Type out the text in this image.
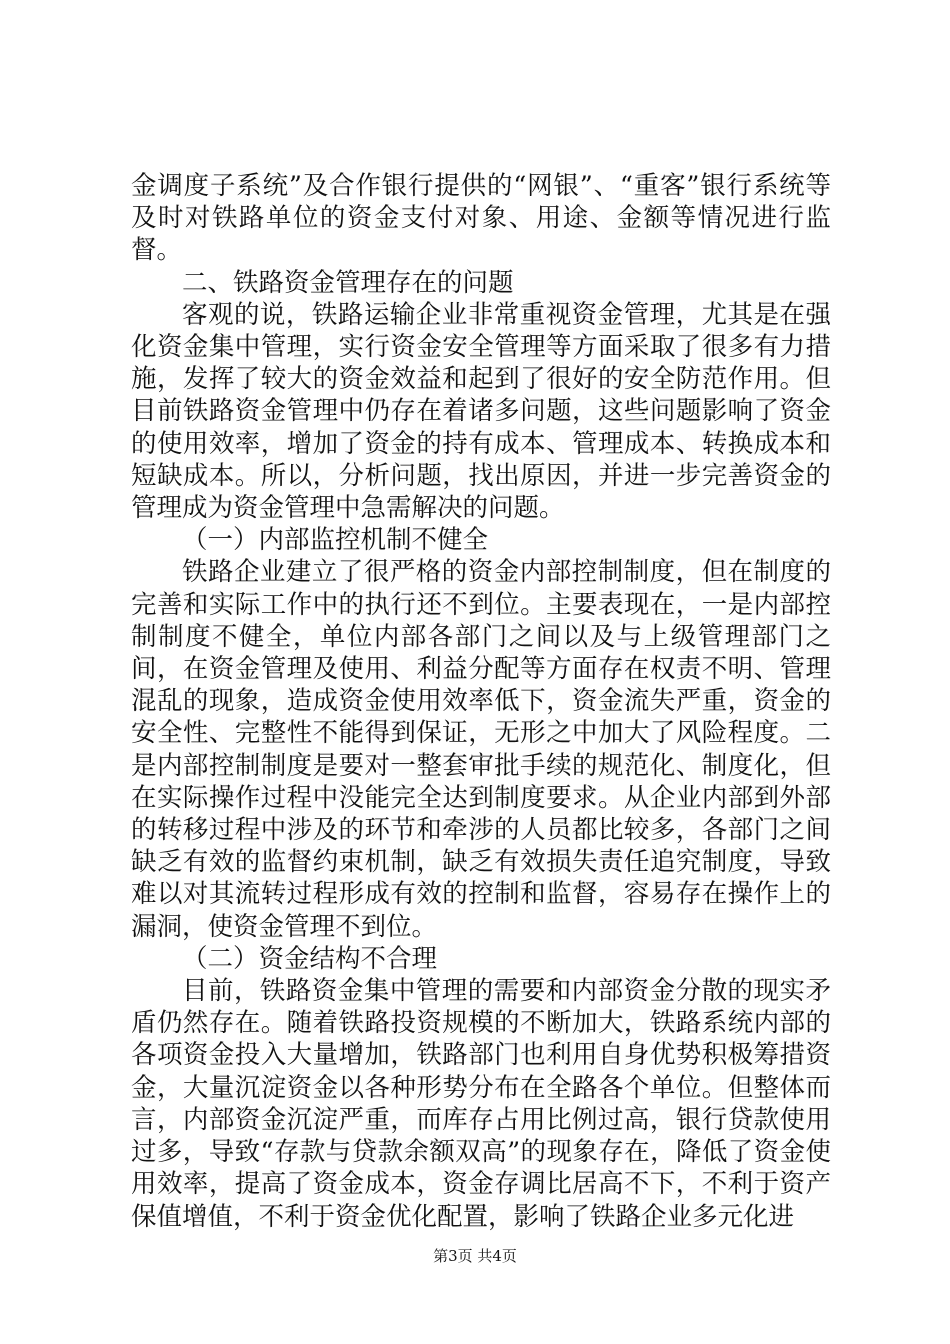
金调度子系统”及合作银行提供的“网银”、“重客”银行系统等及时对铁路单位的资金支付对象、用途、金额等情况进行监督。

二、铁路资金管理存在的问题

客观的说，铁路运输企业非常重视资金管理，尤其是在强化资金集中管理，实行资金安全管理等方面采取了很多有力措施，发挥了较大的资金效益和起到了很好的安全防范作用。但目前铁路资金管理中仍存在着诸多问题，这些问题影响了资金的使用效率，增加了资金的持有成本、管理成本、转换成本和短缺成本。所以，分析问题，找出原因，并进一步完善资金的管理成为资金管理中急需解决的问题。

（一）内部监控机制不健全

铁路企业建立了很严格的资金内部控制制度，但在制度的完善和实际工作中的执行还不到位。主要表现在，一是内部控制制度不健全，单位内部各部门之间以及与上级管理部门之间，在资金管理及使用、利益分配等方面存在权责不明、管理混乱的现象，造成资金使用效率低下，资金流失严重，资金的安全性、完整性不能得到保证，无形之中加大了风险程度。二是内部控制制度是要对一整套审批手续的规范化、制度化，但在实际操作过程中没能完全达到制度要求。从企业内部到外部的转移过程中涉及的环节和牵涉的人员都比较多，各部门之间缺乏有效的监督约束机制，缺乏有效损失责任追究制度，导致难以对其流转过程形成有效的控制和监督，容易存在操作上的漏洞，使资金管理不到位。

（二）资金结构不合理

目前，铁路资金集中管理的需要和内部资金分散的现实矛盾仍然存在。随着铁路投资规模的不断加大，铁路系统内部的各项资金投入大量增加，铁路部门也利用自身优势积极筹措资金，大量沉淀资金以各种形势分布在全路各个单位。但整体而言，内部资金沉淀严重，而库存占用比例过高，银行贷款使用过多，导致“存款与贷款余额双高”的现象存在，降低了资金使用效率，提高了资金成本，资金存调比居高不下，不利于资产保值增值，不利于资金优化配置，影响了铁路企业多元化进

第3页 共4页
